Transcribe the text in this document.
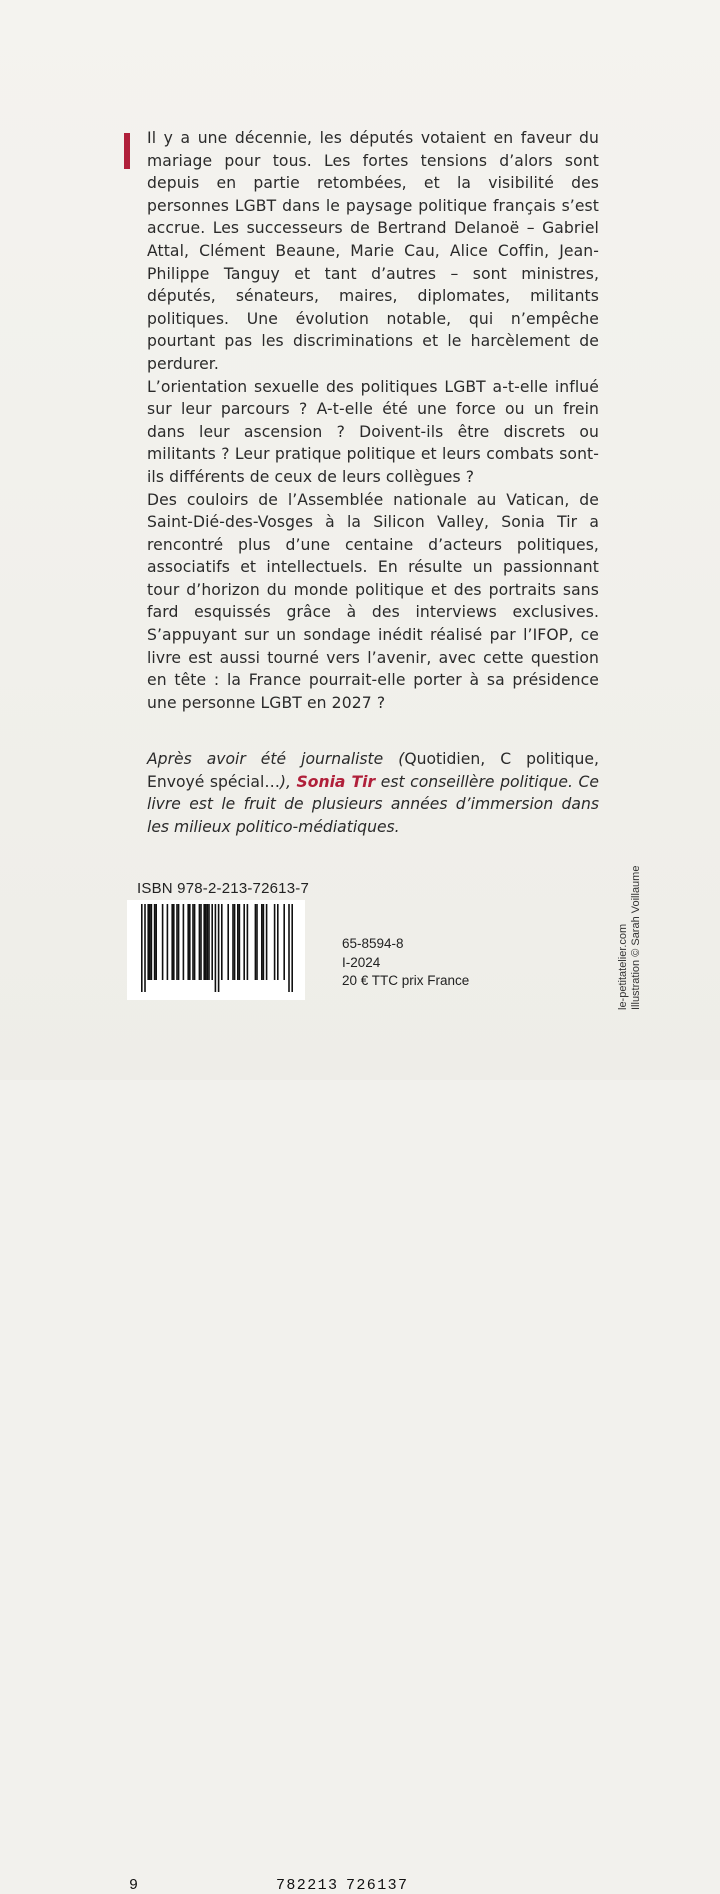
Il y a une décennie, les députés votaient en faveur du mariage pour tous. Les fortes tensions d’alors sont depuis en partie retombées, et la visibilité des personnes LGBT dans le paysage politique français s’est accrue. Les successeurs de Bertrand Delanoë – Gabriel Attal, Clément Beaune, Marie Cau, Alice Coffin, Jean-Philippe Tanguy et tant d’autres – sont ministres, députés, sénateurs, maires, diplomates, militants politiques. Une évolution notable, qui n’empêche pourtant pas les discriminations et le harcèlement de perdurer.

L’orientation sexuelle des politiques LGBT a-t-elle influé sur leur parcours ? A-t-elle été une force ou un frein dans leur ascension ? Doivent-ils être discrets ou militants ? Leur pratique politique et leurs combats sont-ils différents de ceux de leurs collègues ?

Des couloirs de l’Assemblée nationale au Vatican, de Saint-Dié-des-Vosges à la Silicon Valley, Sonia Tir a rencontré plus d’une centaine d’acteurs politiques, associatifs et intellectuels. En résulte un passionnant tour d’horizon du monde politique et des portraits sans fard esquissés grâce à des interviews exclusives. S’appuyant sur un sondage inédit réalisé par l’IFOP, ce livre est aussi tourné vers l’avenir, avec cette question en tête : la France pourrait-elle porter à sa présidence une personne LGBT en 2027 ?

Après avoir été journaliste (Quotidien, C politique, Envoyé spécial…), Sonia Tir est conseillère politique. Ce livre est le fruit de plusieurs années d’immersion dans les milieux politico-médiatiques.

ISBN 978-2-213-72613-7
9	782213 726137
65-8594-8
I-2024
20 € TTC prix France	le-petitatelier.com Illustration © Sarah Voillaume
